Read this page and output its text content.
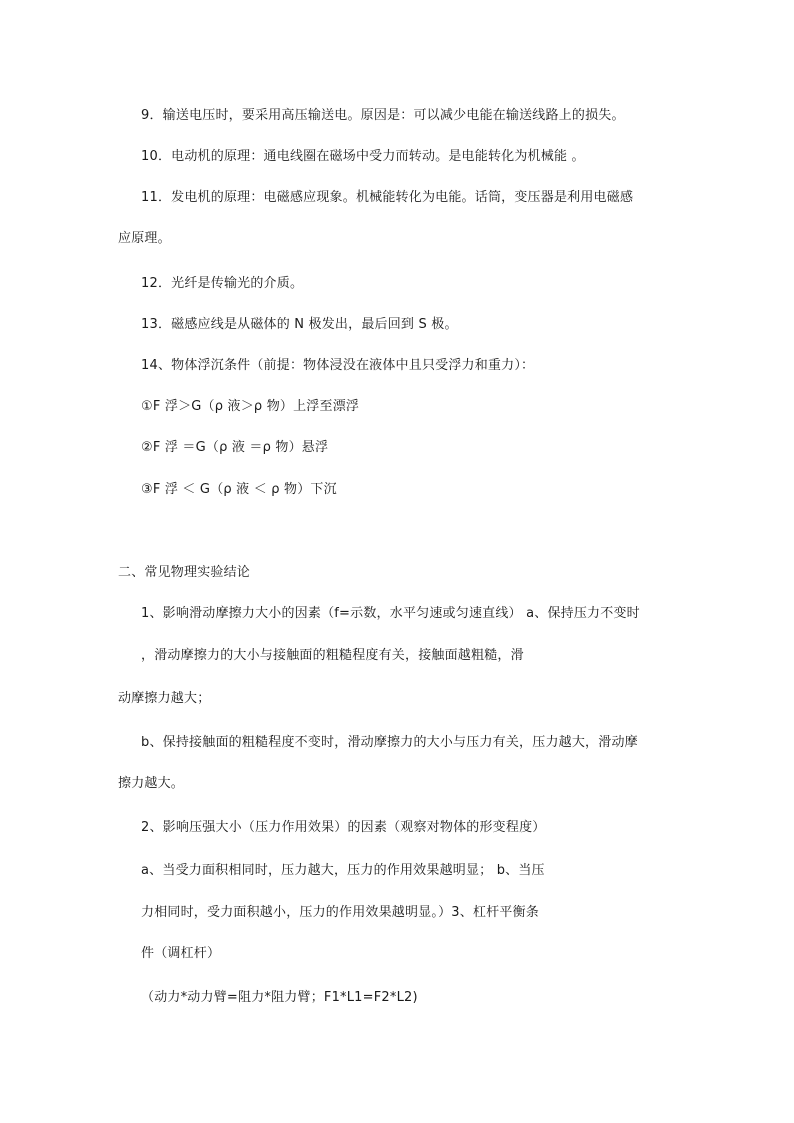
9．输送电压时，要采用高压输送电。原因是：可以减少电能在输送线路上的损失。
10．电动机的原理：通电线圈在磁场中受力而转动。是电能转化为机械能 。
11．发电机的原理：电磁感应现象。机械能转化为电能。话筒，变压器是利用电磁感
应原理。
12．光纤是传输光的介质。
13．磁感应线是从磁体的 N 极发出，最后回到 S 极。
14、物体浮沉条件（前提：物体浸没在液体中且只受浮力和重力）：
①F 浮＞G（ρ 液＞ρ 物）上浮至漂浮
②F 浮 ＝G（ρ 液 ＝ρ 物）悬浮
③F 浮 ＜ G（ρ 液 ＜ ρ 物）下沉
二、常见物理实验结论
1、影响滑动摩擦力大小的因素（f=示数，水平匀速或匀速直线） a、保持压力不变时
，滑动摩擦力的大小与接触面的粗糙程度有关，接触面越粗糙，滑
动摩擦力越大；
b、保持接触面的粗糙程度不变时，滑动摩擦力的大小与压力有关，压力越大，滑动摩
擦力越大。
2、影响压强大小（压力作用效果）的因素（观察对物体的形变程度）
a、当受力面积相同时，压力越大，压力的作用效果越明显； b、当压
力相同时，受力面积越小，压力的作用效果越明显。）3、杠杆平衡条
件（调杠杆）
（动力*动力臂=阻力*阻力臂；F1*L1=F2*L2)
